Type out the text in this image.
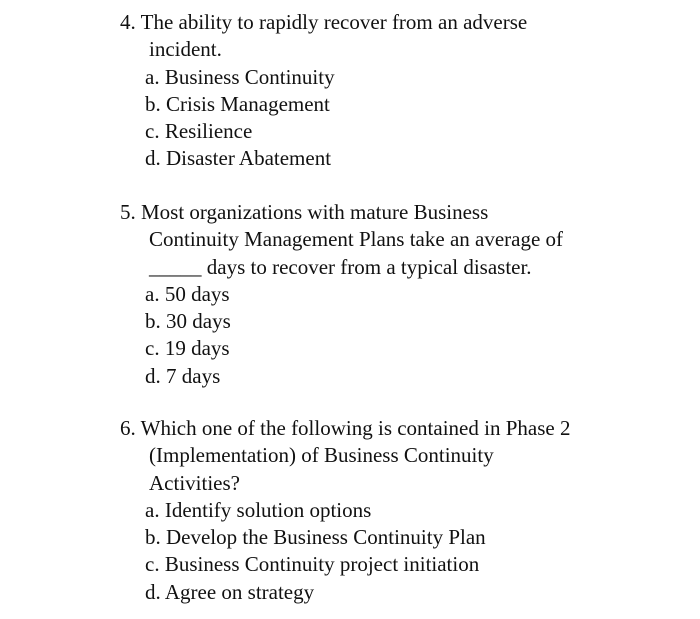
4. The ability to rapidly recover from an adverse
incident.
a. Business Continuity
b. Crisis Management
c. Resilience
d. Disaster Abatement
5. Most organizations with mature Business
Continuity Management Plans take an average of
_____ days to recover from a typical disaster.
a. 50 days
b. 30 days
c. 19 days
d. 7 days
6. Which one of the following is contained in Phase 2
(Implementation) of Business Continuity
Activities?
a. Identify solution options
b. Develop the Business Continuity Plan
c. Business Continuity project initiation
d. Agree on strategy
